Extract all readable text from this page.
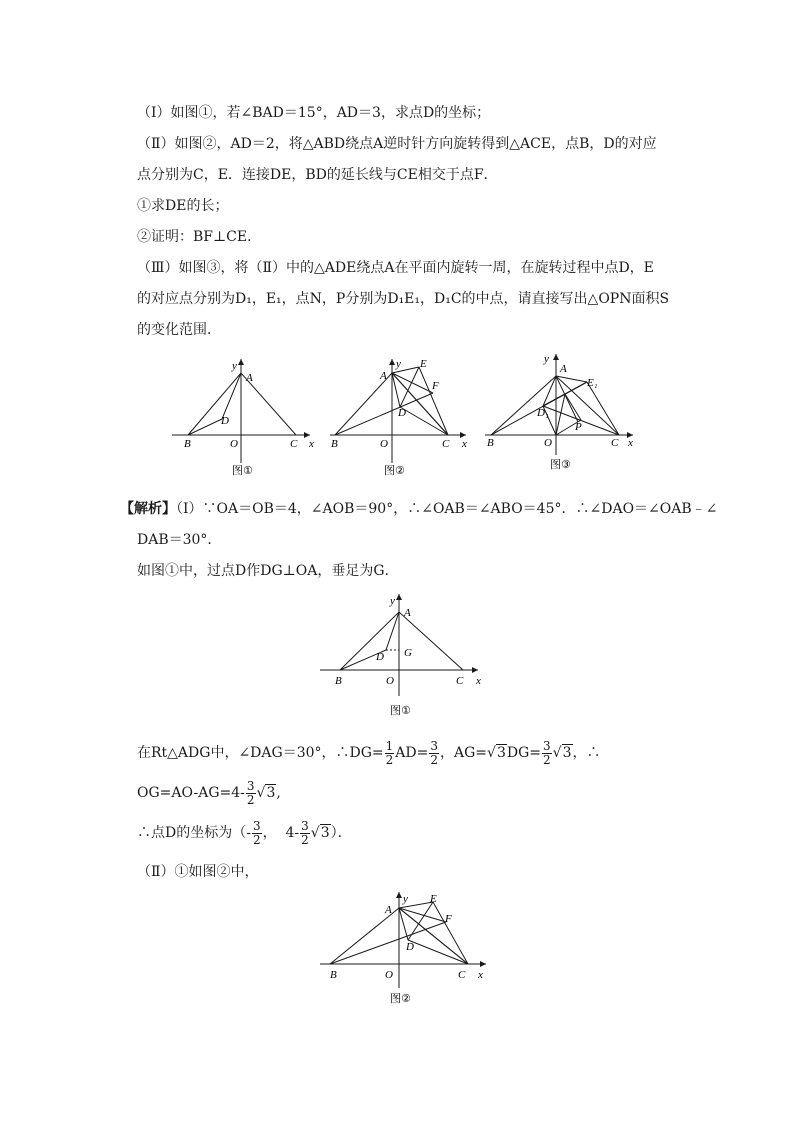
（Ⅰ）如图①，若∠BAD＝15°，AD＝3，求点D的坐标；
（Ⅱ）如图②，AD＝2，将△ABD绕点A逆时针方向旋转得到△ACE，点B，D的对应
点分别为C，E．连接DE，BD的延长线与CE相交于点F．
①求DE的长；
②证明：BF⊥CE．
（Ⅲ）如图③，将（Ⅱ）中的△ADE绕点A在平面内旋转一周，在旋转过程中点D，E
的对应点分别为D₁，E₁，点N，P分别为D₁E₁，D₁C的中点，请直接写出△OPN面积S
的变化范围．
y
A
D
B	O	C x
图①
y
A
E
F
D
B	O	C x
图②
y
A
E₁
D₁
P
B	O	C x
图③
【解析】（Ⅰ）∵OA＝OB＝4，∠AOB＝90°，∴∠OAB＝∠ABO＝45°．∴∠DAO＝∠OAB﹣∠
DAB＝30°．
如图①中，过点D作DG⊥OA，垂足为G．
y
A
D G
B	O	C x
图①
在Rt△ADG中，∠DAG＝30°，∴DG= $\frac{1}{2} AD= \frac{3}{2}$ ，$AG=√3DG= \frac{3}{2} √3$，∴
$OG=AO-AG=4- \frac{3}{2} √3$,
∴点D的坐标为（- $\frac{3}{2}$ ，  $4- \frac{3}{2} √3$）．
（Ⅱ）①如图②中，
y
A
E
F
D
B	O	C x
图②
